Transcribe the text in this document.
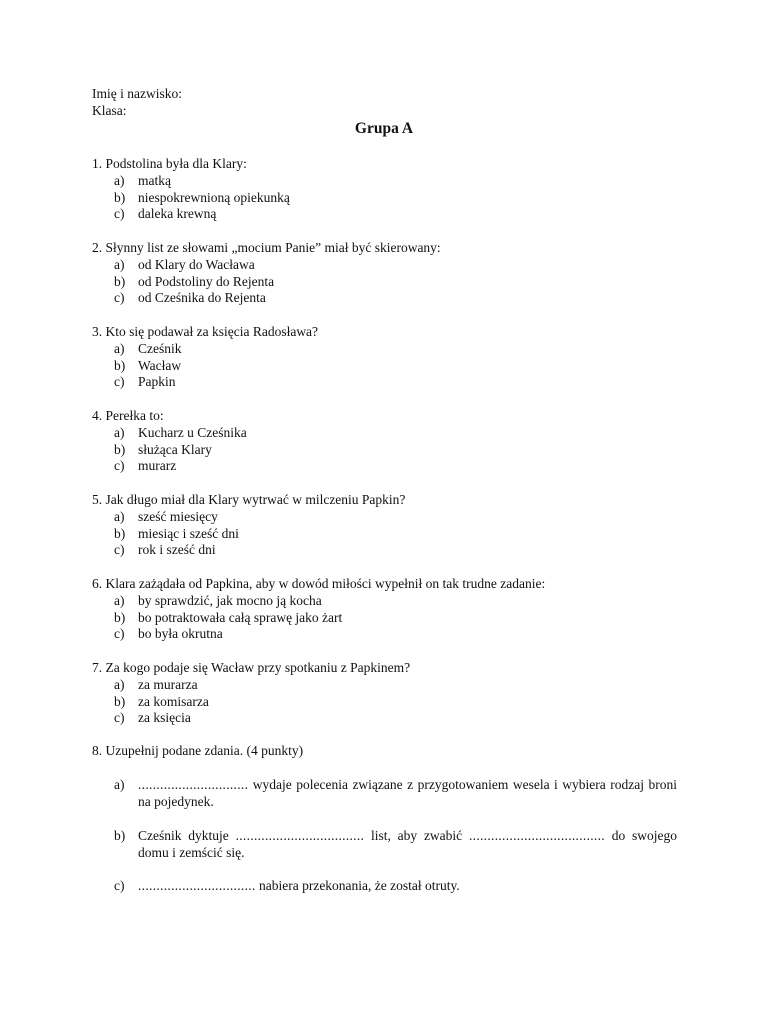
Imię i nazwisko:
Klasa:
Grupa A
1. Podstolina była dla Klary:
a)	matką
b) niespokrewnioną opiekunką
c)	daleka krewną
2. Słynny list ze słowami „mocium Panie” miał być skierowany:
a)	od Klary do Wacława
b) od Podstoliny do Rejenta
c)	od Cześnika do Rejenta
3. Kto się podawał za księcia Radosława?
a)	Cześnik
b) Wacław
c)	Papkin
4. Perełka to:
a)	Kucharz u Cześnika
b) służąca Klary
c)	murarz
5. Jak długo miał dla Klary wytrwać w milczeniu Papkin?
a)	sześć miesięcy
b) miesiąc i sześć dni
c)	rok i sześć dni
6. Klara zażądała od Papkina, aby w dowód miłości wypełnił on tak trudne zadanie:
a)	by sprawdzić, jak mocno ją kocha
b) bo potraktowała całą sprawę jako żart
c)	bo była okrutna
7. Za kogo podaje się Wacław przy spotkaniu z Papkinem?
a)	za murarza
b) za komisarza
c)	za księcia
8. Uzupełnij podane zdania. (4 punkty)
a)	.............................. wydaje polecenia związane z przygotowaniem wesela i wybiera rodzaj broni na pojedynek.
b) Cześnik dyktuje ................................... list, aby zwabić ..................................... do swojego domu i zemścić się.
c)	................................ nabiera przekonania, że został otruty.
